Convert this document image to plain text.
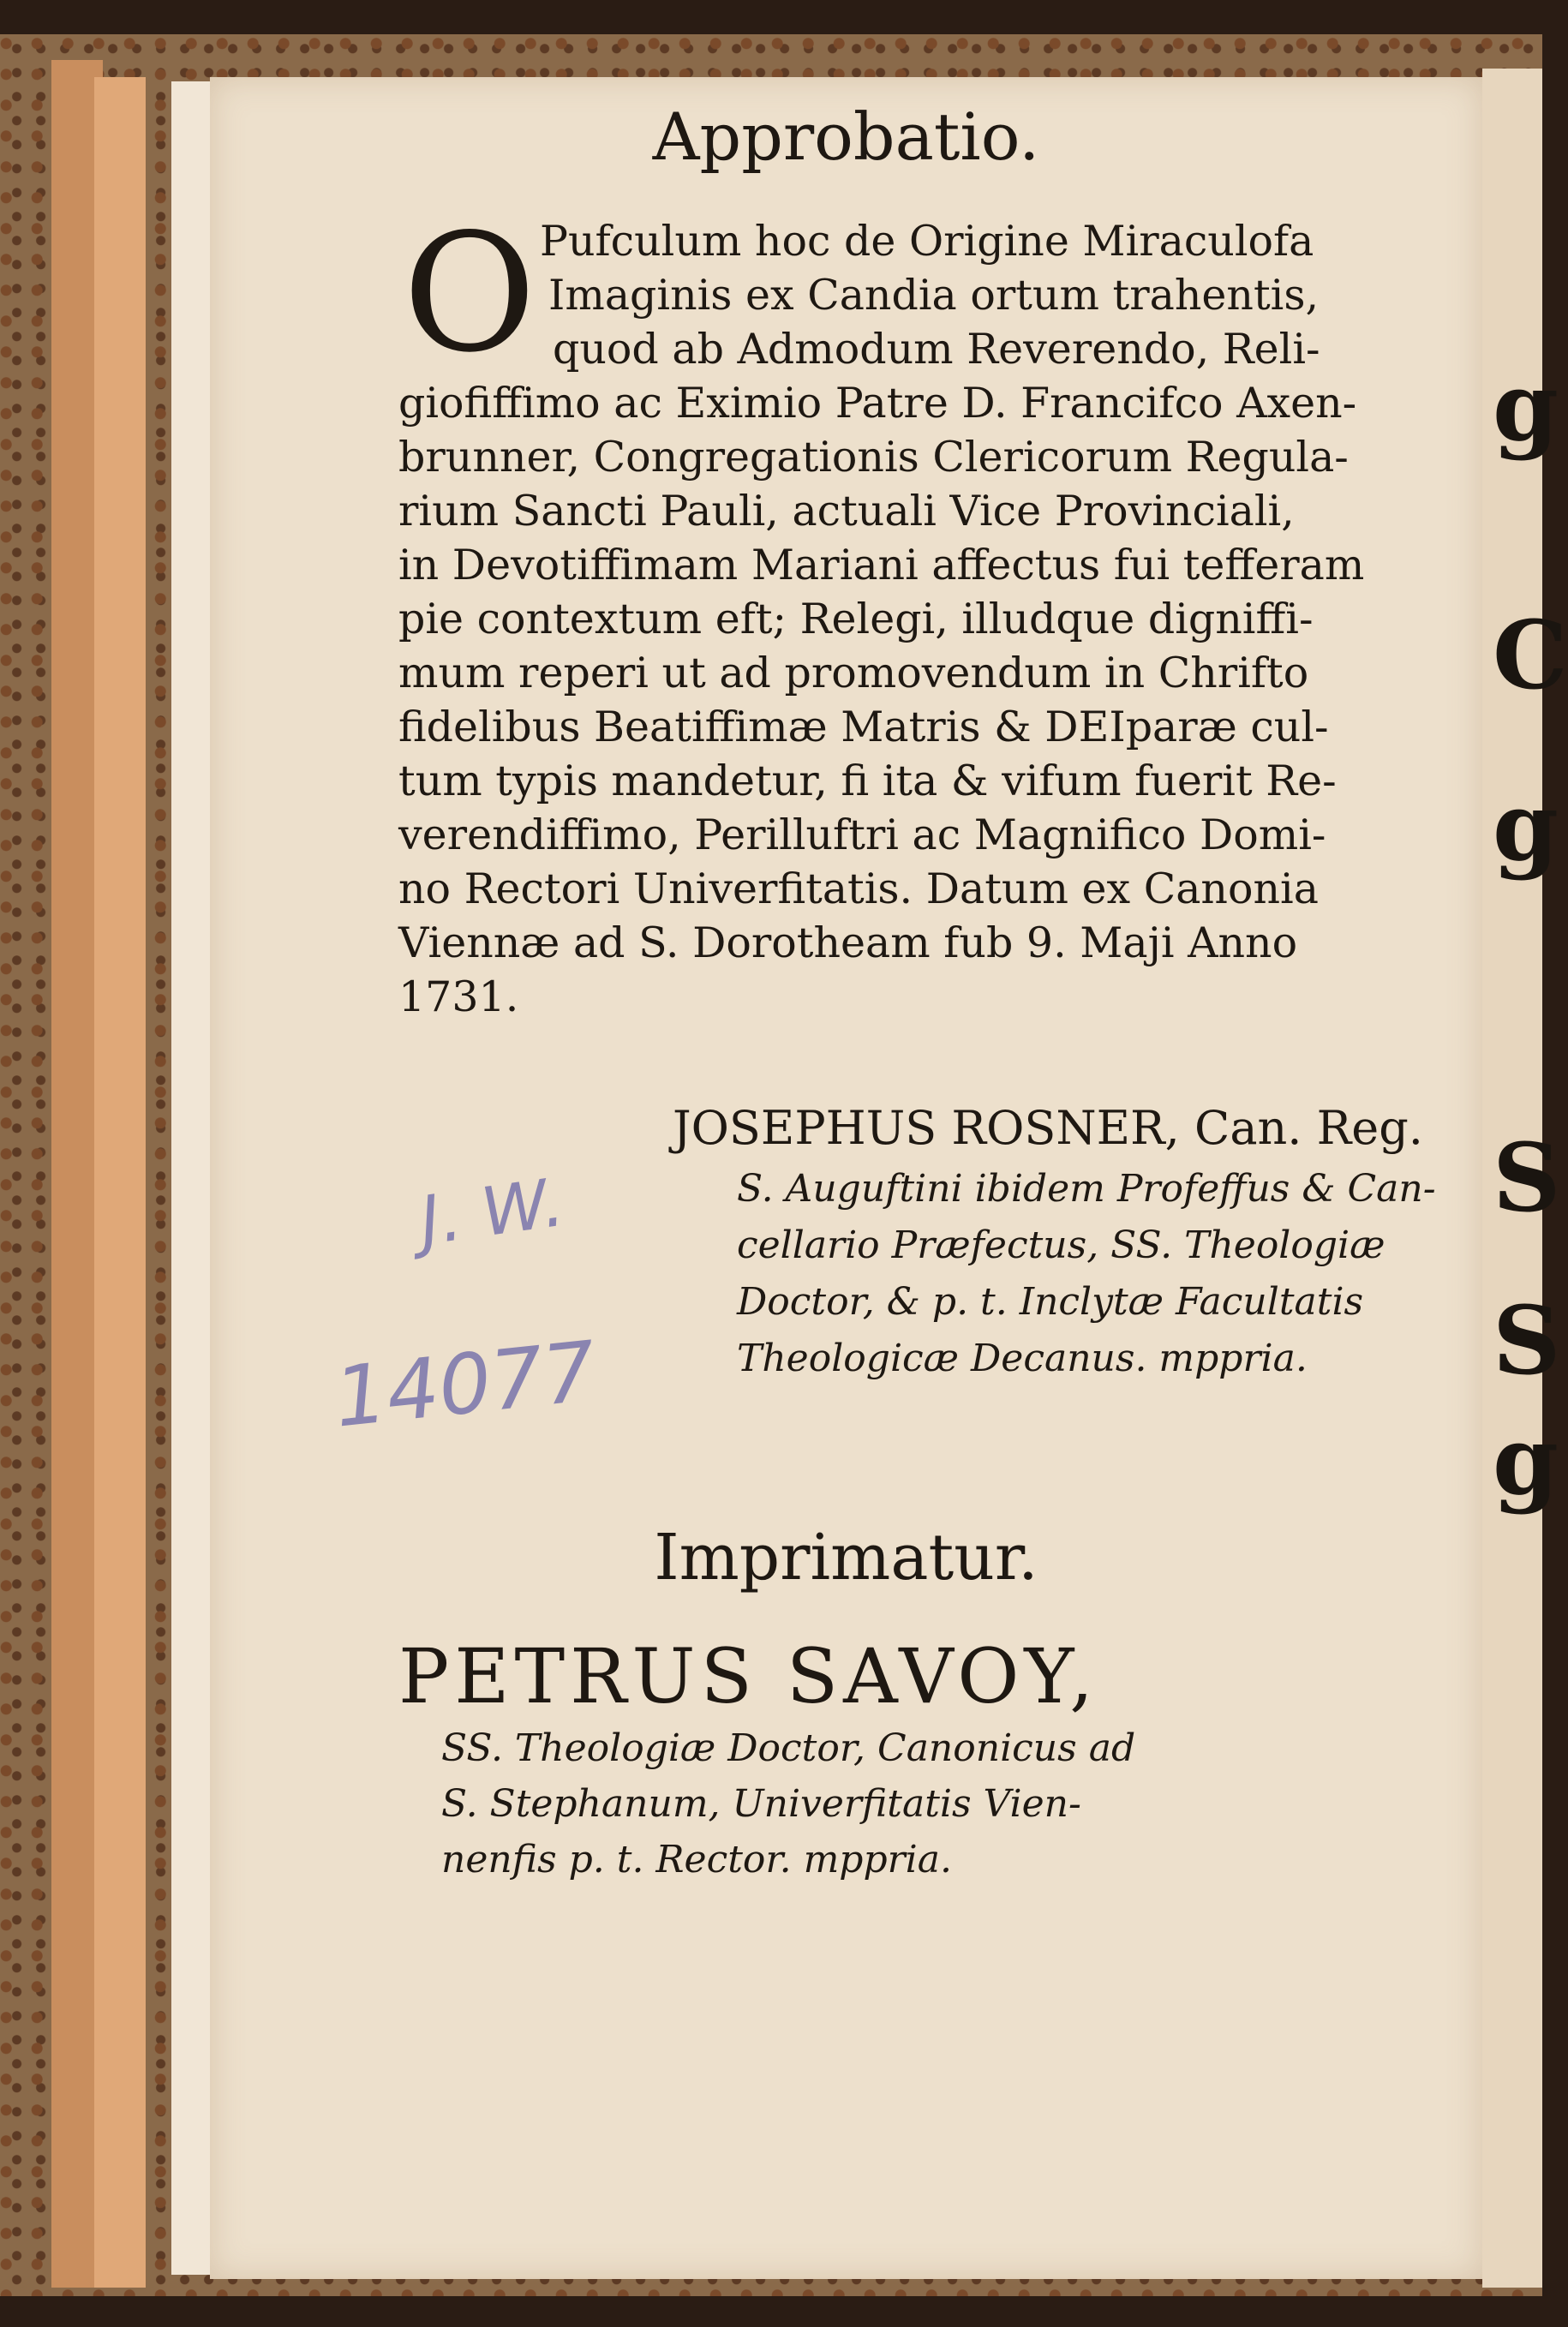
g
C
g
S
S
g
Approbatio.
O Pufculum hoc de Origine Miraculofa
Imaginis ex Candia ortum trahentis,
quod ab Admodum Reverendo, Reli-
giofiffimo ac Eximio Patre D. Francifco Axen-
brunner, Congregationis Clericorum Regula-
rium Sancti Pauli, actuali Vice Provinciali,
in Devotiffimam Mariani affectus fui tefferam
pie contextum eft; Relegi, illudque digniffi-
mum reperi ut ad promovendum in Chrifto
fidelibus Beatiffimæ Matris & DEIparæ cul-
tum typis mandetur, fi ita & vifum fuerit Re-
verendiffimo, Perilluftri ac Magnifico Domi-
no Rectori Univerfitatis. Datum ex Canonia
Viennæ ad S. Dorotheam fub 9. Maji Anno
1731.
JOSEPHUS ROSNER, Can. Reg.
S. Auguftini ibidem Profeffus & Can-
cellario Præfectus, SS. Theologiæ
Doctor, & p. t. Inclytæ Facultatis
Theologicæ Decanus. mppria.
J. W.
14077
Imprimatur.
PETRUS SAVOY,
SS. Theologiæ Doctor, Canonicus ad
S. Stephanum, Univerfitatis Vien-
nenfis p. t. Rector. mppria.
